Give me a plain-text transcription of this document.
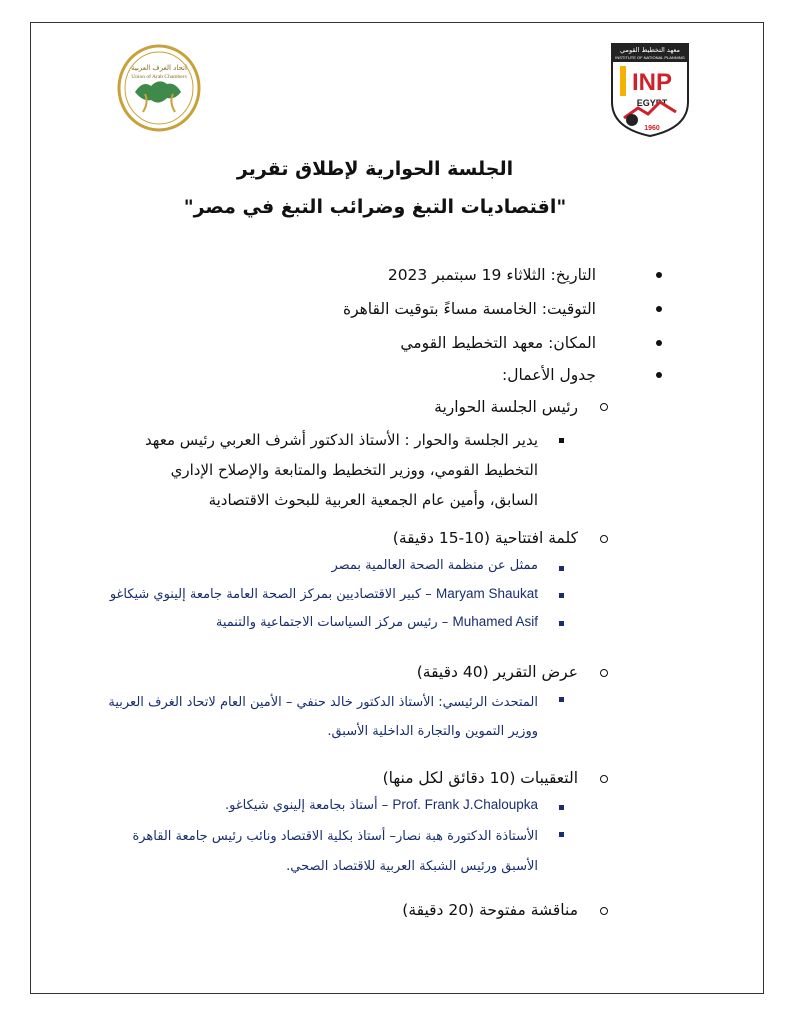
اتحاد الغرف العربية
Union of Arab Chambers
معهد التخطيط القومي
INSTITUTE OF NATIONAL PLANNING
INP
EGYPT
1960
الجلسة الحوارية لإطلاق تقرير
"اقتصاديات التبغ وضرائب التبغ في مصر"
التاريخ: الثلاثاء 19 سبتمبر 2023
التوقيت: الخامسة مساءً بتوقيت القاهرة
المكان: معهد التخطيط القومي
جدول الأعمال:
رئيس الجلسة الحوارية
يدير الجلسة والحوار : الأستاذ الدكتور أشرف العربي رئيس معهد التخطيط القومي، ووزير التخطيط والمتابعة والإصلاح الإداري السابق، وأمين عام الجمعية العربية للبحوث الاقتصادية
كلمة افتتاحية (10-15 دقيقة)
ممثل عن منظمة الصحة العالمية بمصر
Maryam Shaukat – كبير الاقتصاديين بمركز الصحة العامة جامعة إلينوي شيكاغو
Muhamed Asif – رئيس مركز السياسات الاجتماعية والتنمية
عرض التقرير (40 دقيقة)
المتحدث الرئيسي: الأستاذ الدكتور خالد حنفي – الأمين العام لاتحاد الغرف العربية ووزير التموين والتجارة الداخلية الأسبق.
التعقيبات (10 دقائق لكل منها)
Prof. Frank J.Chaloupka – أستاذ بجامعة إلينوي شيكاغو.
الأستاذة الدكتورة هبة نصار– أستاذ بكلية الاقتصاد ونائب رئيس جامعة القاهرة الأسبق ورئيس الشبكة العربية للاقتصاد الصحي.
مناقشة مفتوحة (20 دقيقة)
